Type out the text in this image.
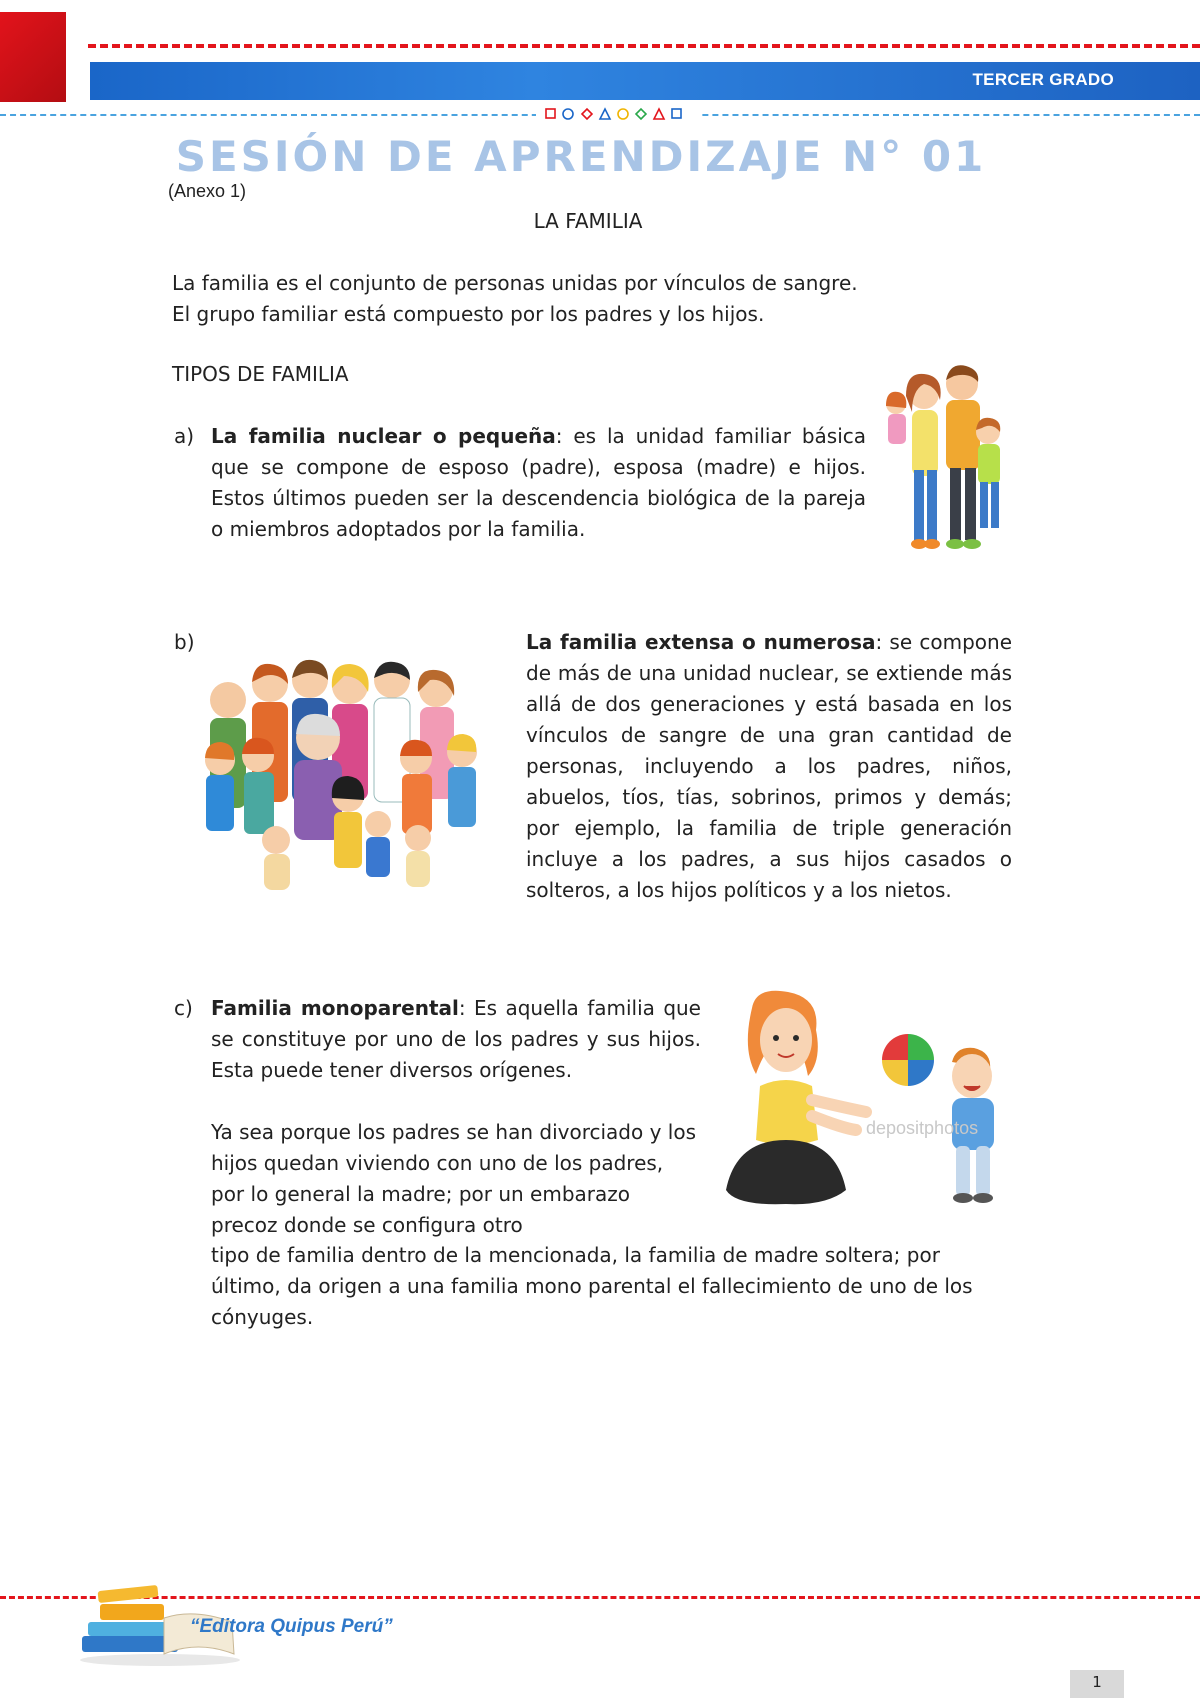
TERCER GRADO
SESIÓN DE APRENDIZAJE N° 01
(Anexo 1)
LA FAMILIA
La familia es el conjunto de personas unidas por vínculos de sangre.
El grupo familiar está compuesto por los padres y los hijos.
TIPOS DE FAMILIA
a) La familia nuclear o pequeña: es la unidad familiar básica que se compone de esposo (padre), esposa (madre) e hijos. Estos últimos pueden ser la descendencia biológica de la pareja o miembros adoptados por la familia.
b)	La familia extensa o numerosa: se compone de más de una unidad nuclear, se extiende más allá de dos generaciones y está basada en los vínculos de sangre de una gran cantidad de personas, incluyendo a los padres, niños, abuelos, tíos, tías, sobrinos, primos y demás; por ejemplo, la familia de triple generación incluye a los padres, a sus hijos casados o solteros, a los hijos políticos y a los nietos.
c) Familia monoparental: Es aquella familia que se constituye por uno de los padres y sus hijos. Esta puede tener diversos orígenes.
Ya sea porque los padres se han divorciado y los hijos quedan viviendo con uno de los padres, por lo general la madre; por un embarazo precoz donde se configura otro
tipo de familia dentro de la mencionada, la familia de madre soltera; por último, da origen a una familia mono parental el fallecimiento de uno de los cónyuges.
depositphotos
“Editora Quipus Perú”
1
